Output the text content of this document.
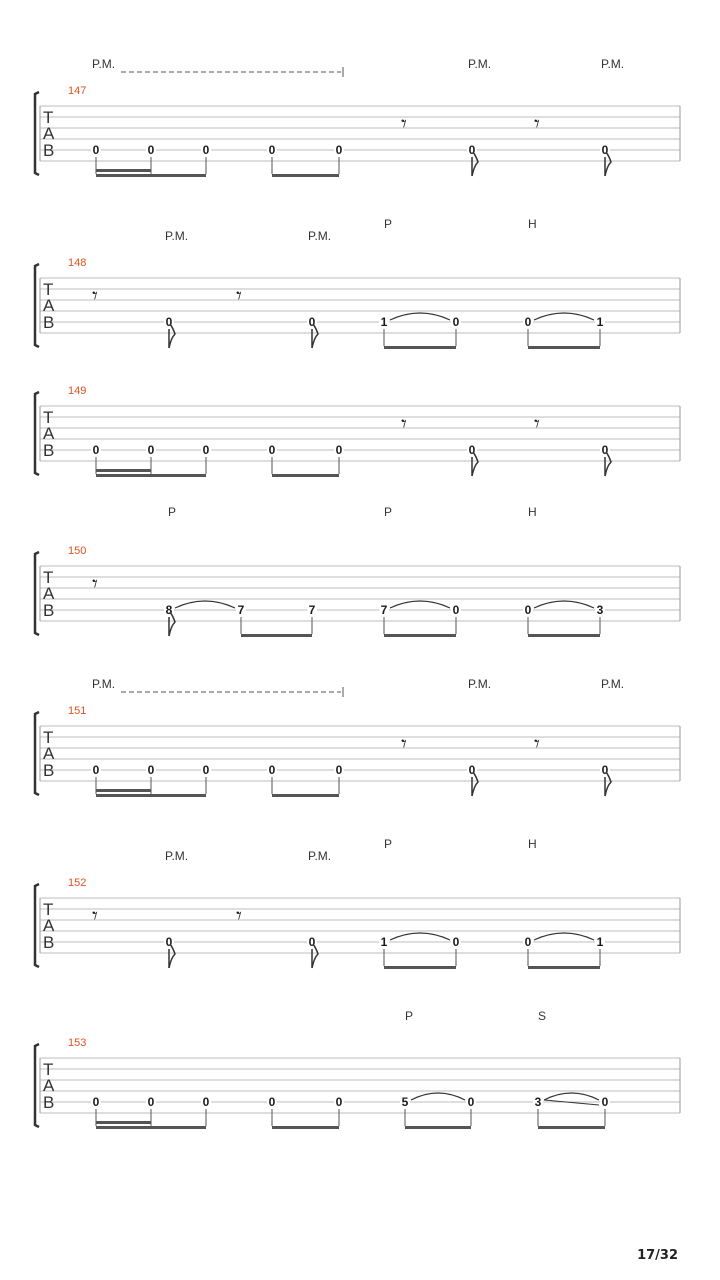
T
A
B
147
P.M.	P.M.	P.M.
𝄾	𝄾
0	0	0	0	0	0	0
T
A
B
148
P.M.	P.M.
P	H
𝄾	𝄾
0	0	1	0	0	1
T
A
B
149
𝄾	𝄾
0	0	0	0	0	0	0
T
A
B
150
P	P	H
𝄾
8	7	7	7	0	0	3
T
A
B
151
P.M.	P.M.	P.M.
𝄾	𝄾
0	0	0	0	0	0	0
T
A
B
152
P.M.	P.M.
P	H
𝄾	𝄾
0	0	1	0	0	1
T
A
B
153
P	S
0	0	0	0	0	5	0	3	0
17/32
